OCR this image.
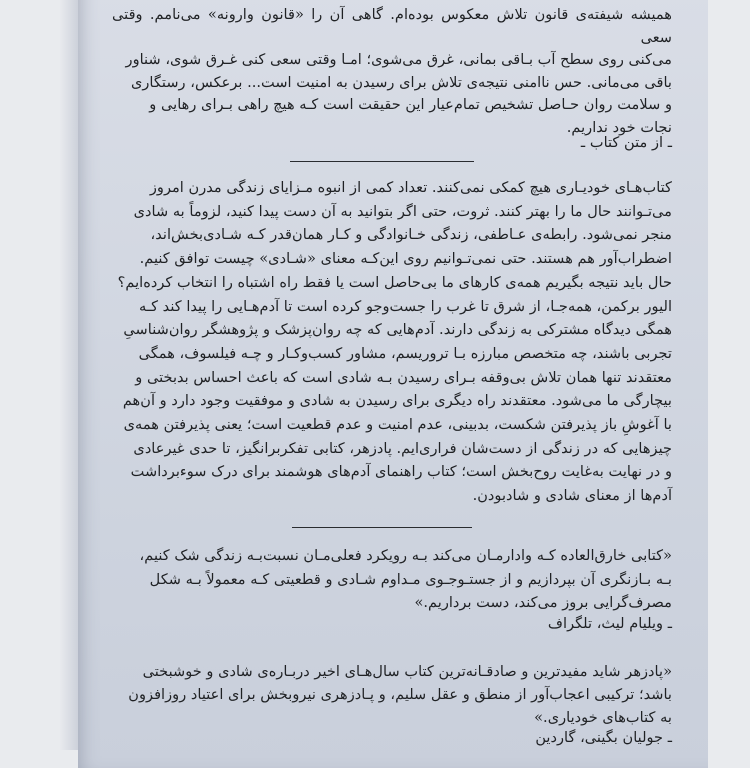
همیشه شیفته‌ی قانون تلاش معکوس بوده‌ام. گاهی آن را «قانون وارونه» می‌نامم. وقتی سعی

می‌کنی روی سطح آب بـاقی بمانی، غرق می‌شوی؛ امـا وقتی سعی کنی غـرق شوی، شناور

باقی می‌مانی. حس ناامنی نتیجه‌ی تلاش برای رسیدن به امنیت است... برعکس، رستگاری

و سلامت روان حـاصل تشخیص تمام‌عیار این حقیقت است کـه هیچ راهی بـرای رهایی و

نجات خود نداریم.

ـ از متن کتاب ـ

کتاب‌هـای خودیـاری هیچ کمکی نمی‌کنند. تعداد کمی از انبوه مـزایای زندگی مدرن امروز

می‌تـوانند حال ما را بهتر کنند. ثروت، حتی اگر بتوانید به آن دست پیدا کنید، لزوماً به شادی

منجر نمی‌شود. رابطه‌ی عـاطفی، زندگی خـانوادگی و کـار همان‌قدر کـه شـادی‌بخش‌اند،

اضطراب‌آور هم هستند. حتی نمی‌تـوانیم روی این‌کـه معنای «شـادی» چیست توافق کنیم.

حال باید نتیجه بگیریم همه‌ی کارهای ما بی‌حاصل است یا فقط راه اشتباه را انتخاب کرده‌ایم؟

الیور برکمن، همه‌جـا، از شرق تا غرب را جست‌وجو کرده است تا آدم‌هـایی را پیدا کند کـه

همگی دیدگاه مشترکی به زندگی دارند. آدم‌هایی که چه روان‌پزشک و پژوهشگر روان‌شناسیِ

تجربی باشند، چه متخصص مبارزه بـا تروریسم، مشاور کسب‌وکـار و چـه فیلسوف، همگی

معتقدند تنها همان تلاش بی‌وقفه بـرای رسیدن بـه شادی است که باعث احساس بدبختی و

بیچارگی ما می‌شود. معتقدند راه دیگری برای رسیدن به شادی و موفقیت وجود دارد و آن‌هم

با آغوشِ باز پذیرفتن شکست، بدبینی، عدم امنیت و عدم قطعیت است؛ یعنی پذیرفتن همه‌ی

چیزهایی که در زندگی از دست‌شان فراری‌ایم. پادزهر، کتابی تفکربرانگیز، تا حدی غیرعادی

و در نهایت به‌غایت روح‌بخش است؛ کتاب راهنمای آدم‌های هوشمند برای درک سوءبرداشت

آدم‌ها از معنای شادی و شادبودن.

«کتابی خارق‌العاده کـه وادارمـان می‌کند بـه رویکرد فعلی‌مـان نسبت‌بـه زندگی شک کنیم،

بـه بـازنگری آن بپردازیم و از جستـوجـوی مـداوم شـادی و قطعیتی کـه معمولاً بـه شکل

مصرف‌گرایی بروز می‌کند، دست برداریم.»

ـ ویلیام لیث، تلگراف

«پادزهر شاید مفیدترین و صادقـانه‌ترین کتاب سال‌هـای اخیر دربـاره‌ی شادی و خوشبختی

باشد؛ ترکیبی اعجاب‌آور از منطق و عقل سلیم، و پـادزهری نیروبخش برای اعتیاد روزافزون

به کتاب‌های خودیاری.»

ـ جولیان بگینی، گاردین
